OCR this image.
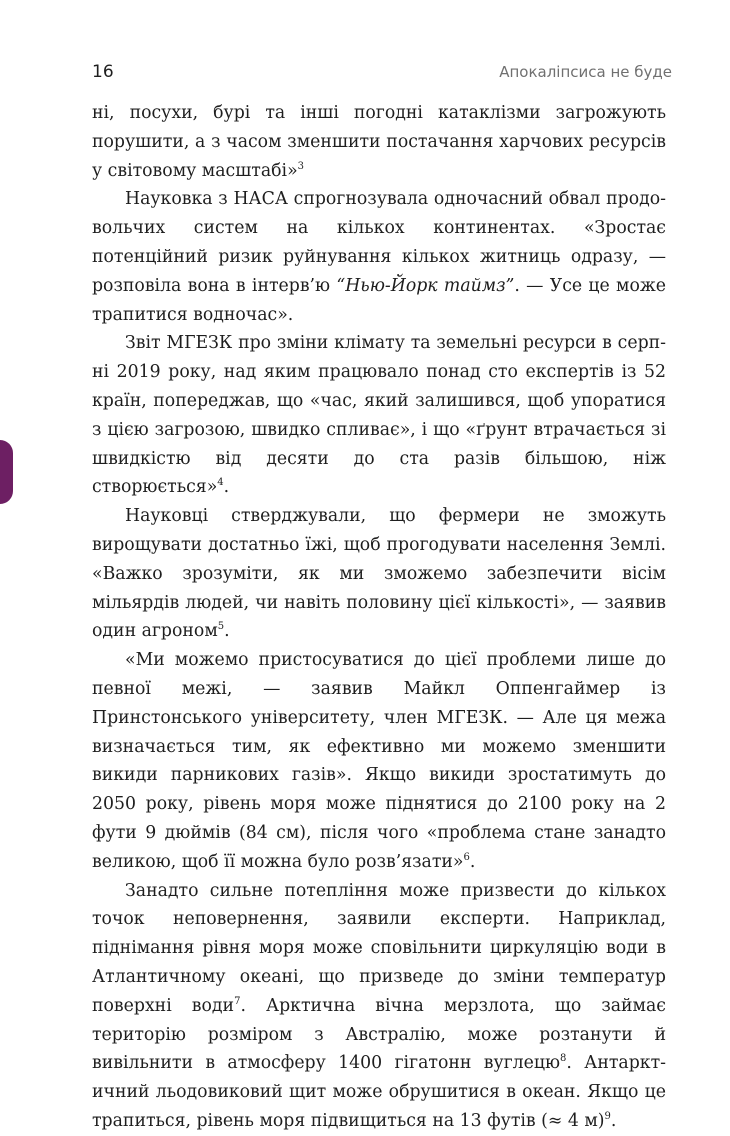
16	Апокаліпсиса не буде

ні, посухи, бурі та інші погодні катаклізми загрожують порушити, а з часом зменшити постачання харчових ресурсів у світовому масштабі»$^3$

Науковка з НАСА спрогнозувала одночасний обвал продовольчих систем на кількох континентах. «Зростає потенційний ризик руйнування кількох житниць одразу, — розповіла вона в інтерв’ю “Нью-Йорк таймз”. — Усе це може трапитися водночас».

Звіт МГЕЗК про зміни клімату та земельні ресурси в серпні 2019 року, над яким працювало понад сто експертів із 52 країн, попереджав, що «час, який залишився, щоб упоратися з цією загрозою, швидко спливає», і що «ґрунт втрачається зі швидкістю від десяти до ста разів більшою, ніж створюється»$^4$.

Науковці стверджували, що фермери не зможуть вирощувати достатньо їжі, щоб прогодувати населення Землі. «Важко зрозуміти, як ми зможемо забезпечити вісім мільярдів людей, чи навіть половину цієї кількості», — заявив один агроном$^5$.

«Ми можемо пристосуватися до цієї проблеми лише до певної межі, — заявив Майкл Оппенгаймер із Принстонського університету, член МГЕЗК. — Але ця межа визначається тим, як ефективно ми можемо зменшити викиди парникових газів». Якщо викиди зростатимуть до 2050 року, рівень моря може піднятися до 2100 року на 2 фути 9 дюймів (84 см), після чого «проблема стане занадто великою, щоб її можна було розв’язати»$^6$.

Занадто сильне потепління може призвести до кількох точок неповернення, заявили експерти. Наприклад, піднімання рівня моря може сповільнити циркуляцію води в Атлантичному океані, що призведе до зміни температур поверхні води$^7$. Арктична вічна мерзлота, що займає територію розміром з Австралію, може розтанути й вивільнити в атмосферу 1400 гігатонн вуглецю$^8$. Антарктичний льодовиковий щит може обрушитися в океан. Якщо це трапиться, рівень моря підвищиться на 13 футів (≈ 4 м)$^9$.
